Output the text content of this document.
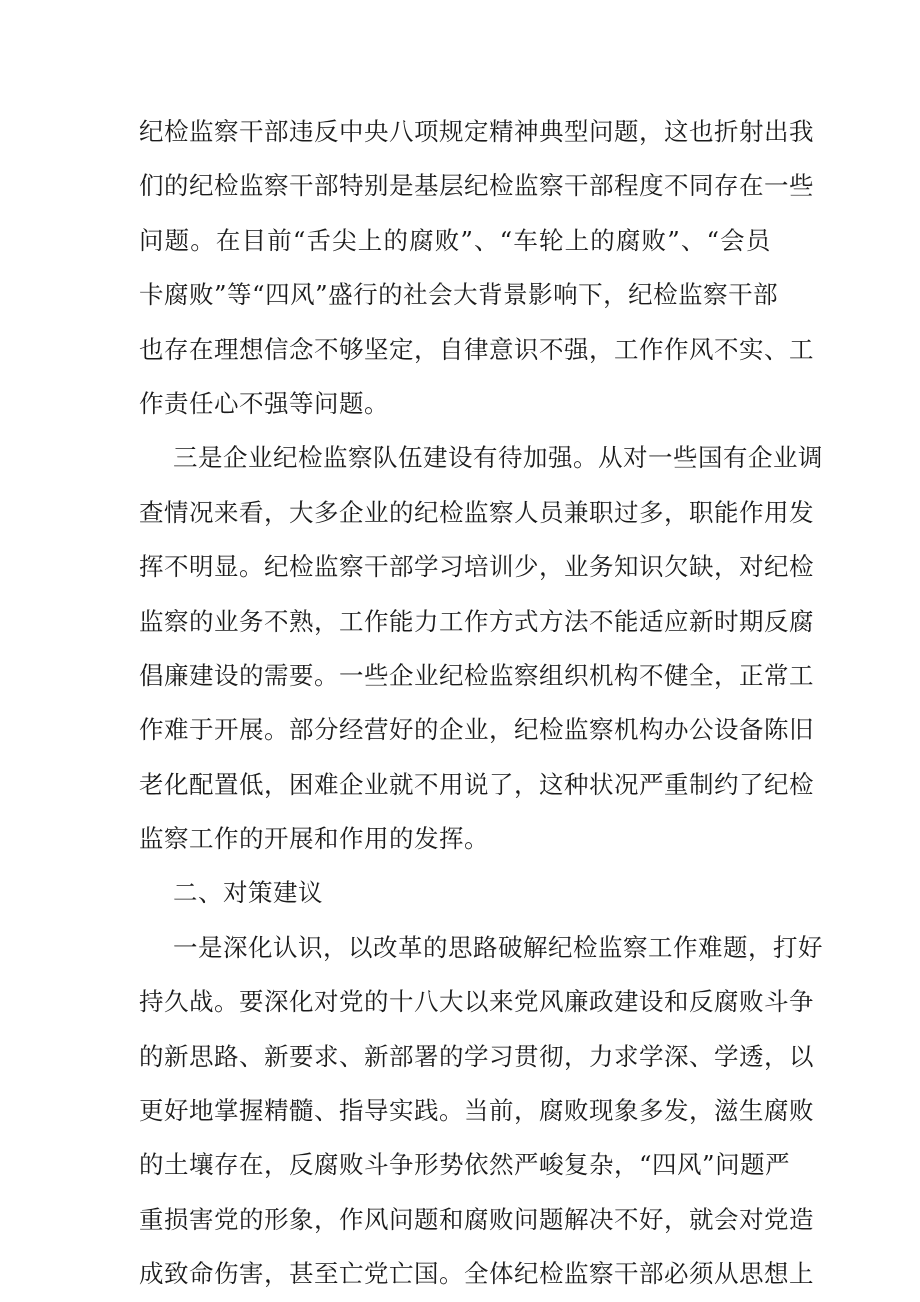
纪 检 监 察 干 部 违 反 中 央 八 项 规 定 精 神 典 型 问 题 ， 这 也 折 射 出 我
们 的 纪 检 监 察 干 部 特 别 是 基 层 纪 检 监 察 干 部 程 度 不 同 存 在 一 些
问 题 。 在 目 前 “ 舌 尖 上 的 腐 败 ” 、 “ 车 轮 上 的 腐 败 ” 、 “ 会 员
卡 腐 败 ” 等 “ 四 风 ” 盛 行 的 社 会 大 背 景 影 响 下 ， 纪 检 监 察 干 部
也 存 在 理 想 信 念 不 够 坚 定 ， 自 律 意 识 不 强 ， 工 作 作 风 不 实 、 工
作责任心不强等问题。
三 是 企 业 纪 检 监 察 队 伍 建 设 有 待 加 强 。 从 对 一 些 国 有 企 业 调
查 情 况 来 看 ， 大 多 企 业 的 纪 检 监 察 人 员 兼 职 过 多 ， 职 能 作 用 发
挥 不 明 显 。 纪 检 监 察 干 部 学 习 培 训 少 ， 业 务 知 识 欠 缺 ， 对 纪 检
监 察 的 业 务 不 熟 ， 工 作 能 力 工 作 方 式 方 法 不 能 适 应 新 时 期 反 腐
倡 廉 建 设 的 需 要 。 一 些 企 业 纪 检 监 察 组 织 机 构 不 健 全 ， 正 常 工
作 难 于 开 展 。 部 分 经 营 好 的 企 业 ， 纪 检 监 察 机 构 办 公 设 备 陈 旧
老 化 配 置 低 ， 困 难 企 业 就 不 用 说 了 ， 这 种 状 况 严 重 制 约 了 纪 检
监察工作的开展和作用的发挥。
二、对策建议
一 是 深 化 认 识 ， 以 改 革 的 思 路 破 解 纪 检 监 察 工 作 难 题 ， 打 好
持 久 战 。 要 深 化 对 党 的 十 八 大 以 来 党 风 廉 政 建 设 和 反 腐 败 斗 争
的 新 思 路 、 新 要 求 、 新 部 署 的 学 习 贯 彻 ， 力 求 学 深 、 学 透 ， 以
更 好 地 掌 握 精 髓 、 指 导 实 践 。 当 前 ， 腐 败 现 象 多 发 ， 滋 生 腐 败
的 土 壤 存 在 ， 反 腐 败 斗 争 形 势 依 然 严 峻 复 杂 ， “ 四 风 ” 问 题 严
重 损 害 党 的 形 象 ， 作 风 问 题 和 腐 败 问 题 解 决 不 好 ， 就 会 对 党 造
成 致 命 伤 害 ， 甚 至 亡 党 亡 国 。 全 体 纪 检 监 察 干 部 必 须 从 思 想 上
